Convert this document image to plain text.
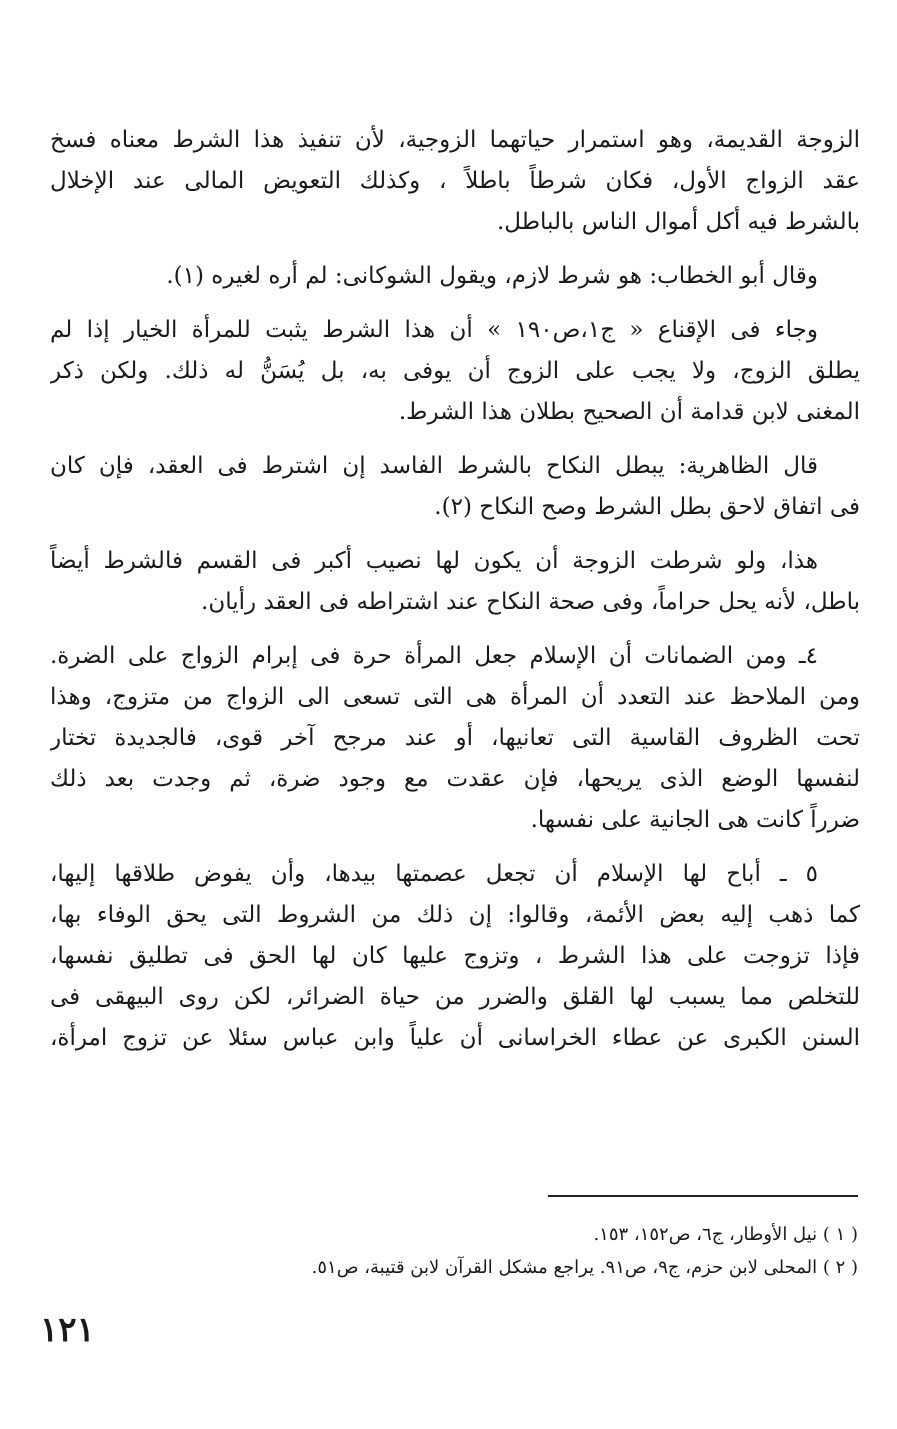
الزوجة القديمة، وهو استمرار حياتهما الزوجية، لأن تنفيذ هذا الشرط معناه فسخ
عقد الزواج الأول، فكان شرطاً باطلاً ، وكذلك التعويض المالى عند الإخلال
بالشرط فيه أكل أموال الناس بالباطل.

وقال أبو الخطاب: هو شرط لازم، ويقول الشوكانى: لم أره لغيره (١).

وجاء فى الإقناع « ج١،ص١٩٠ » أن هذا الشرط يثبت للمرأة الخيار إذا لم
يطلق الزوج، ولا يجب على الزوج أن يوفى به، بل يُسَنُّ له ذلك. ولكن ذكر
المغنى لابن قدامة أن الصحيح بطلان هذا الشرط.

قال الظاهرية: يبطل النكاح بالشرط الفاسد إن اشترط فى العقد، فإن كان
فى اتفاق لاحق بطل الشرط وصح النكاح (٢).

هذا، ولو شرطت الزوجة أن يكون لها نصيب أكبر فى القسم فالشرط أيضاً
باطل، لأنه يحل حراماً، وفى صحة النكاح عند اشتراطه فى العقد رأيان.

٤ـ ومن الضمانات أن الإسلام جعل المرأة حرة فى إبرام الزواج على الضرة.
ومن الملاحظ عند التعدد أن المرأة هى التى تسعى الى الزواج من متزوج، وهذا
تحت الظروف القاسية التى تعانيها، أو عند مرجح آخر قوى، فالجديدة تختار
لنفسها الوضع الذى يريحها، فإن عقدت مع وجود ضرة، ثم وجدت بعد ذلك
ضرراً كانت هى الجانية على نفسها.

٥ ـ أباح لها الإسلام أن تجعل عصمتها بيدها، وأن يفوض طلاقها إليها،
كما ذهب إليه بعض الأئمة، وقالوا: إن ذلك من الشروط التى يحق الوفاء بها،
فإذا تزوجت على هذا الشرط ، وتزوج عليها كان لها الحق فى تطليق نفسها،
للتخلص مما يسبب لها القلق والضرر من حياة الضرائر، لكن روى البيهقى فى
السنن الكبرى عن عطاء الخراسانى أن علياً وابن عباس سئلا عن تزوج امرأة،

( ١ ) نيل الأوطار، ج٦، ص١٥٢، ١٥٣.
( ٢ ) المحلى لابن حزم، ج٩، ص٩١. يراجع مشكل القرآن لابن قتيبة، ص٥١.
١٢١
